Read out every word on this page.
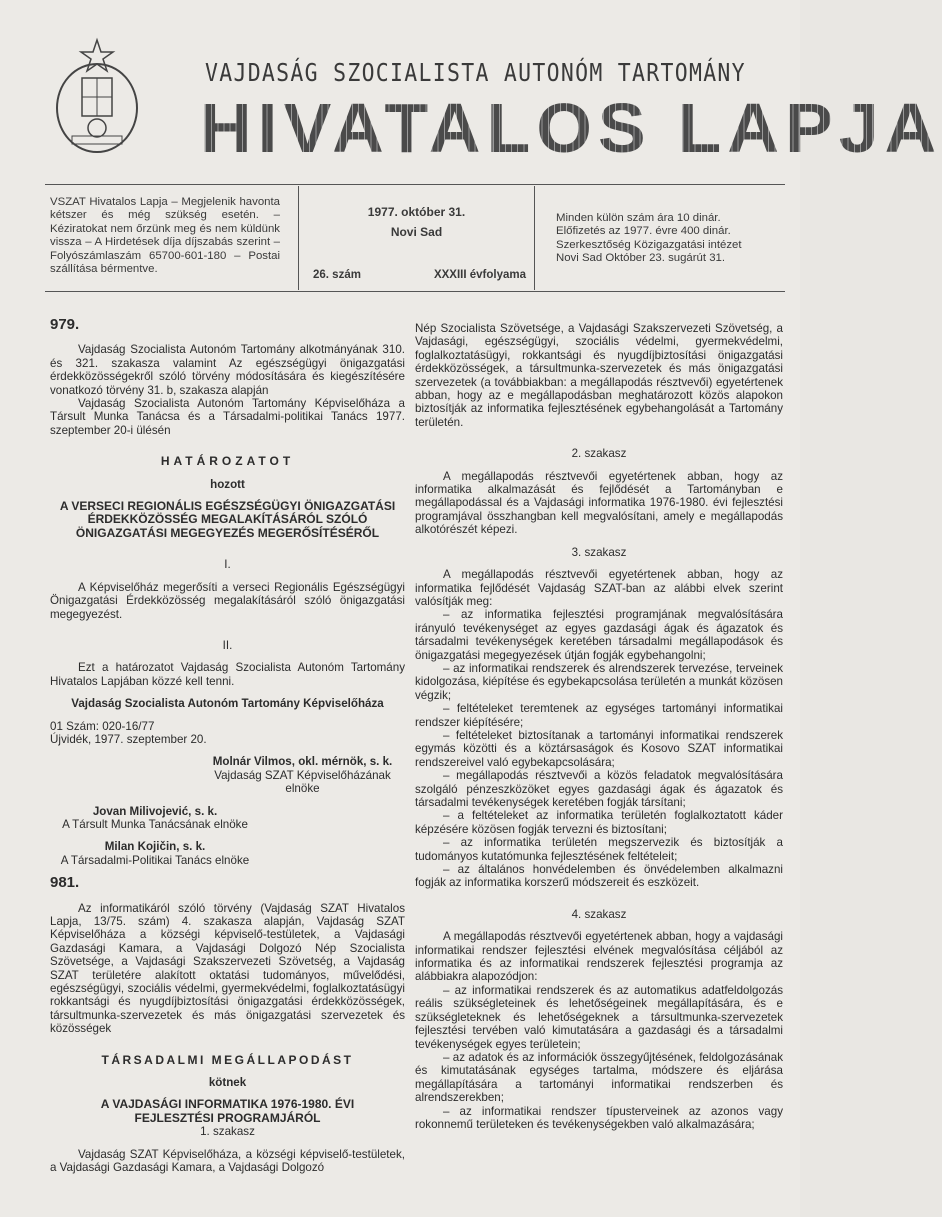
VAJDASÁG SZOCIALISTA AUTONÓM TARTOMÁNY
HIVATALOS LAPJA
VSZAT Hivatalos Lapja – Megjelenik havonta kétszer és még szükség esetén. – Kéziratokat nem őrzünk meg és nem küldünk vissza – A Hirdetések díja díjszabás szerint – Folyószámlaszám 65700-601-180 – Postai szállítása bérmentve.
1977. október 31.
Novi Sad
26. szám	XXXIII évfolyama
Minden külön szám ára 10 dinár.
Előfizetés az 1977. évre 400 dinár.
Szerkesztőség Közigazgatási intézet
Novi Sad Október 23. sugárút 31.
979.

Vajdaság Szocialista Autonóm Tartomány alkotmányának 310. és 321. szakasza valamint Az egészségügyi önigazgatási érdekközösségekről szóló törvény módosítására és kiegészítésére vonatkozó törvény 31. b, szakasza alapján

Vajdaság Szocialista Autonóm Tartomány Képviselőháza a Társult Munka Tanácsa és a Társadalmi-politikai Tanács 1977. szeptember 20-i ülésén

HATÁROZATOT

hozott

A VERSECI REGIONÁLIS EGÉSZSÉGÜGYI ÖNIGAZGATÁSI ÉRDEKKÖZÖSSÉG MEGALAKÍTÁSÁRÓL SZÓLÓ ÖNIGAZGATÁSI MEGEGYEZÉS MEGERŐSÍTÉSÉRŐL

I.

A Képviselőház megerősíti a verseci Regionális Egészségügyi Önigazgatási Érdekközösség megalakításáról szóló önigazgatási megegyezést.

II.

Ezt a határozatot Vajdaság Szocialista Autonóm Tartomány Hivatalos Lapjában közzé kell tenni.

Vajdaság Szocialista Autonóm Tartomány Képviselőháza

01 Szám: 020-16/77

Újvidék, 1977. szeptember 20.

Molnár Vilmos, okl. mérnök, s. k.

Vajdaság SZAT Képviselőházának

elnöke

Jovan Milivojević, s. k.

A Társult Munka Tanácsának elnöke

Milan Kojičin, s. k.

A Társadalmi-Politikai Tanács elnöke

981.

Az informatikáról szóló törvény (Vajdaság SZAT Hivatalos Lapja, 13/75. szám) 4. szakasza alapján, Vajdaság SZAT Képviselőháza a községi képviselő-testületek, a Vajdasági Gazdasági Kamara, a Vajdasági Dolgozó Nép Szocialista Szövetsége, a Vajdasági Szakszervezeti Szövetség, a Vajdaság SZAT területére alakított oktatási tudományos, művelődési, egészségügyi, szociális védelmi, gyermekvédelmi, foglalkoztatásügyi rokkantsági és nyugdíjbiztosítási önigazgatási érdekközösségek, társultmunka-szervezetek és más önigazgatási szervezetek és közösségek

TÁRSADALMI MEGÁLLAPODÁST

kötnek

A VAJDASÁGI INFORMATIKA 1976-1980. ÉVI FEJLESZTÉSI PROGRAMJÁRÓL

1. szakasz

Vajdaság SZAT Képviselőháza, a községi képviselő-testületek, a Vajdasági Gazdasági Kamara, a Vajdasági Dolgozó

Nép Szocialista Szövetsége, a Vajdasági Szakszervezeti Szövetség, a Vajdasági, egészségügyi, szociális védelmi, gyermekvédelmi, foglalkoztatásügyi, rokkantsági és nyugdíjbiztosítási önigazgatási érdekközösségek, a társultmunka-szervezetek és más önigazgatási szervezetek (a továbbiakban: a megállapodás résztvevői) egyetértenek abban, hogy az e megállapodásban meghatározott közös alapokon biztosítják az informatika fejlesztésének egybehangolását a Tartomány területén.

2. szakasz

A megállapodás résztvevői egyetértenek abban, hogy az informatika alkalmazását és fejlődését a Tartományban e megállapodással és a Vajdasági informatika 1976-1980. évi fejlesztési programjával összhangban kell megvalósítani, amely e megállapodás alkotórészét képezi.

3. szakasz

A megállapodás résztvevői egyetértenek abban, hogy az informatika fejlődését Vajdaság SZAT-ban az alábbi elvek szerint valósítják meg:

– az informatika fejlesztési programjának megvalósítására irányuló tevékenységet az egyes gazdasági ágak és ágazatok és társadalmi tevékenységek keretében társadalmi megállapodások és önigazgatási megegyezések útján fogják egybehangolni;

– az informatikai rendszerek és alrendszerek tervezése, terveinek kidolgozása, kiépítése és egybekapcsolása területén a munkát közösen végzik;

– feltételeket teremtenek az egységes tartományi informatikai rendszer kiépítésére;

– feltételeket biztosítanak a tartományi informatikai rendszerek egymás közötti és a köztársaságok és Kosovo SZAT informatikai rendszereivel való egybekapcsolására;

– megállapodás résztvevői a közös feladatok megvalósítására szolgáló pénzeszközöket egyes gazdasági ágak és ágazatok és társadalmi tevékenységek keretében fogják társítani;

– a feltételeket az informatika területén foglalkoztatott káder képzésére közösen fogják tervezni és biztosítani;

– az informatika területén megszervezik és biztosítják a tudományos kutatómunka fejlesztésének feltételeit;

– az általános honvédelemben és önvédelemben alkalmazni fogják az informatika korszerű módszereit és eszközeit.

4. szakasz

A megállapodás résztvevői egyetértenek abban, hogy a vajdasági informatikai rendszer fejlesztési elvének megvalósítása céljából az informatika és az informatikai rendszerek fejlesztési programja az alábbiakra alapozódjon:

– az informatikai rendszerek és az automatikus adatfeldolgozás reális szükségleteinek és lehetőségeinek megállapítására, és e szükségleteknek és lehetőségeknek a társultmunka-szervezetek fejlesztési tervében való kimutatására a gazdasági és a társadalmi tevékenységek egyes területein;

– az adatok és az információk összegyűjtésének, feldolgozásának és kimutatásának egységes tartalma, módszere és eljárása megállapítására a tartományi informatikai rendszerben és alrendszerekben;

– az informatikai rendszer típusterveinek az azonos vagy rokonnemű területeken és tevékenységekben való alkalmazására;
